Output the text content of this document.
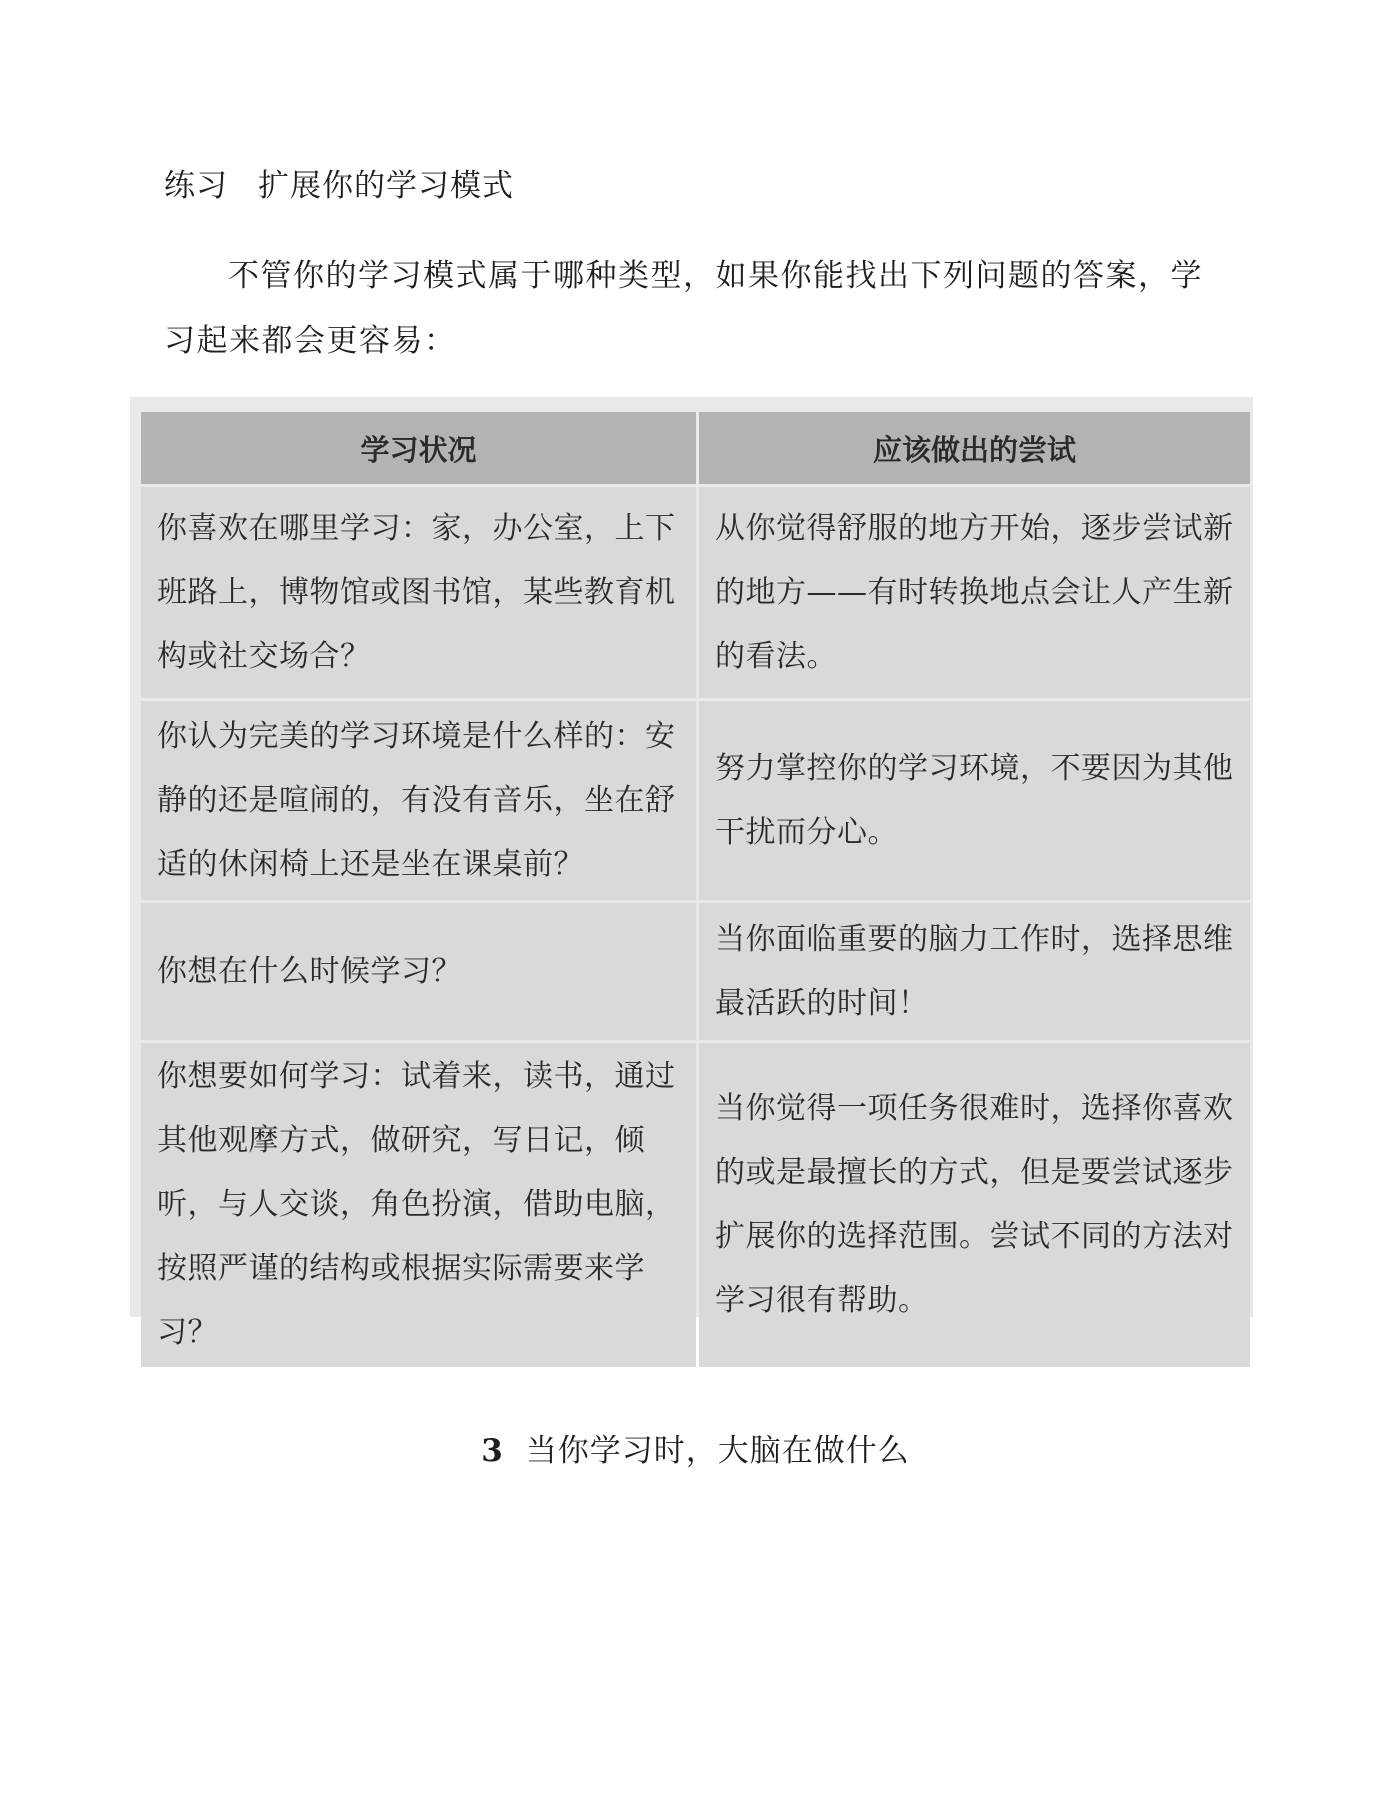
练习 扩展你的学习模式

不管你的学习模式属于哪种类型，如果你能找出下列问题的答案，学习起来都会更容易：

学习状况	应该做出的尝试
你喜欢在哪里学习：家，办公室，上下班路上，博物馆或图书馆，某些教育机构或社交场合？	从你觉得舒服的地方开始，逐步尝试新的地方——有时转换地点会让人产生新的看法。
你认为完美的学习环境是什么样的：安静的还是喧闹的，有没有音乐，坐在舒适的休闲椅上还是坐在课桌前？	努力掌控你的学习环境，不要因为其他干扰而分心。
你想在什么时候学习？	当你面临重要的脑力工作时，选择思维最活跃的时间！
你想要如何学习：试着来，读书，通过其他观摩方式，做研究，写日记，倾听，与人交谈，角色扮演，借助电脑，按照严谨的结构或根据实际需要来学习？	当你觉得一项任务很难时，选择你喜欢的或是最擅长的方式，但是要尝试逐步扩展你的选择范围。尝试不同的方法对学习很有帮助。
3 当你学习时，大脑在做什么
